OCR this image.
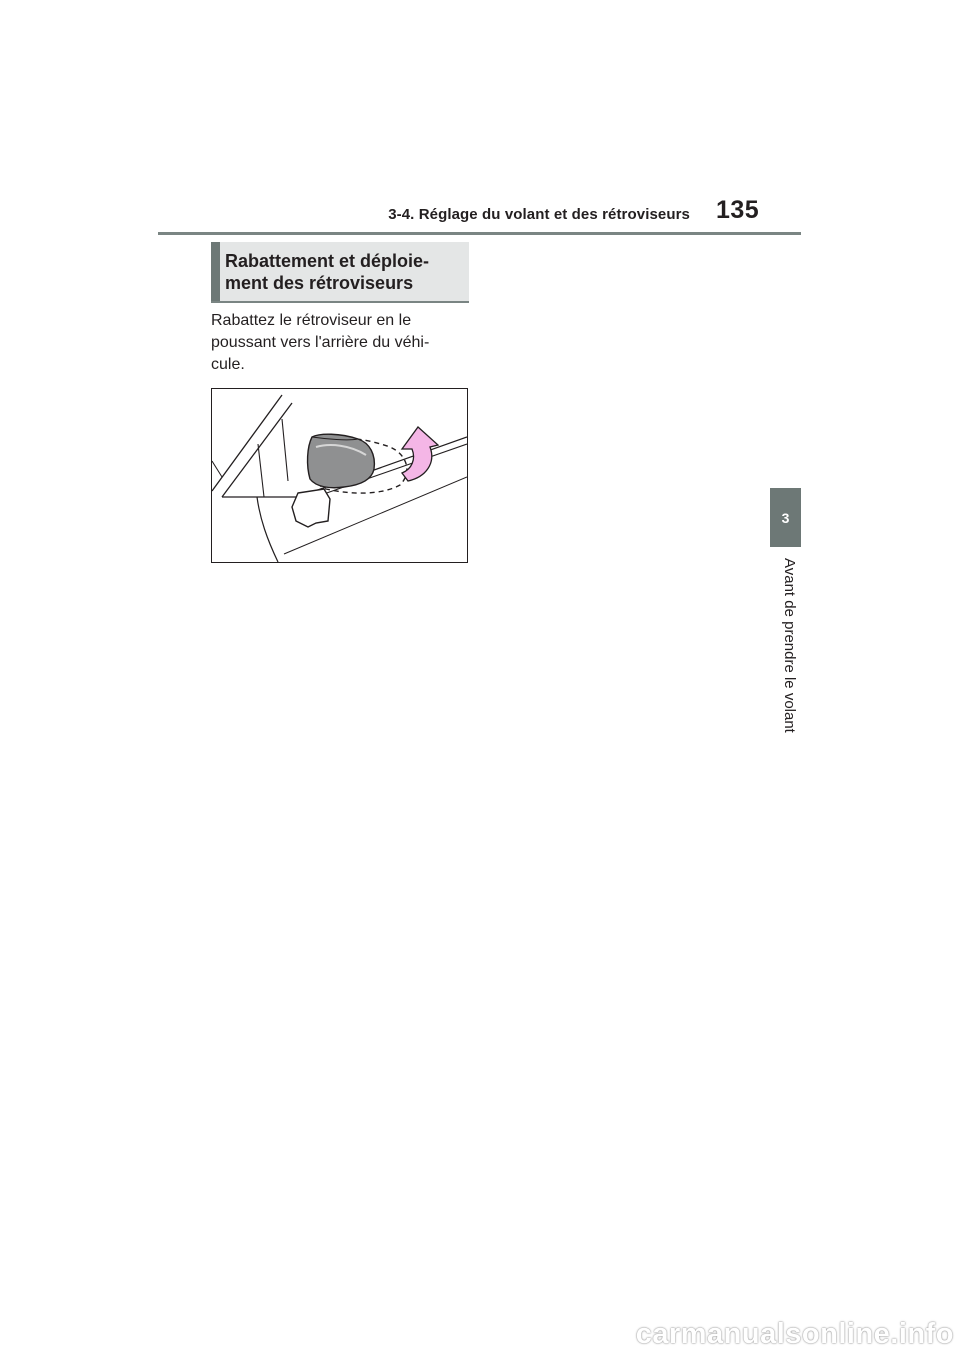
3-4. Réglage du volant et des rétroviseurs 135
Rabattement et déploie-
ment des rétroviseurs

Rabattez le rétroviseur en le
poussant vers l'arrière du véhi-
cule.

3
Avant de prendre le volant
carmanualsonline.info
